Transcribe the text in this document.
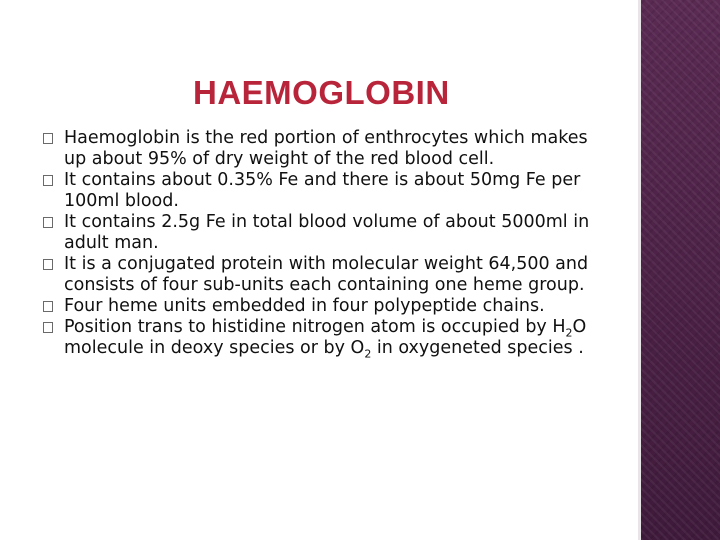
HAEMOGLOBIN
Haemoglobin is the red portion of enthrocytes which makes up about 95% of dry weight of the red blood cell.
It contains about 0.35% Fe and there is about 50mg Fe per 100ml blood.
It contains 2.5g Fe in total blood volume of about 5000ml in adult man.
It is a conjugated protein with molecular weight 64,500 and consists of four sub-units each containing one heme group.
Four heme units embedded in four polypeptide chains.
Position trans to histidine nitrogen atom is occupied by $H_2O$ molecule in deoxy species or by $O_2$ in oxygeneted species .
